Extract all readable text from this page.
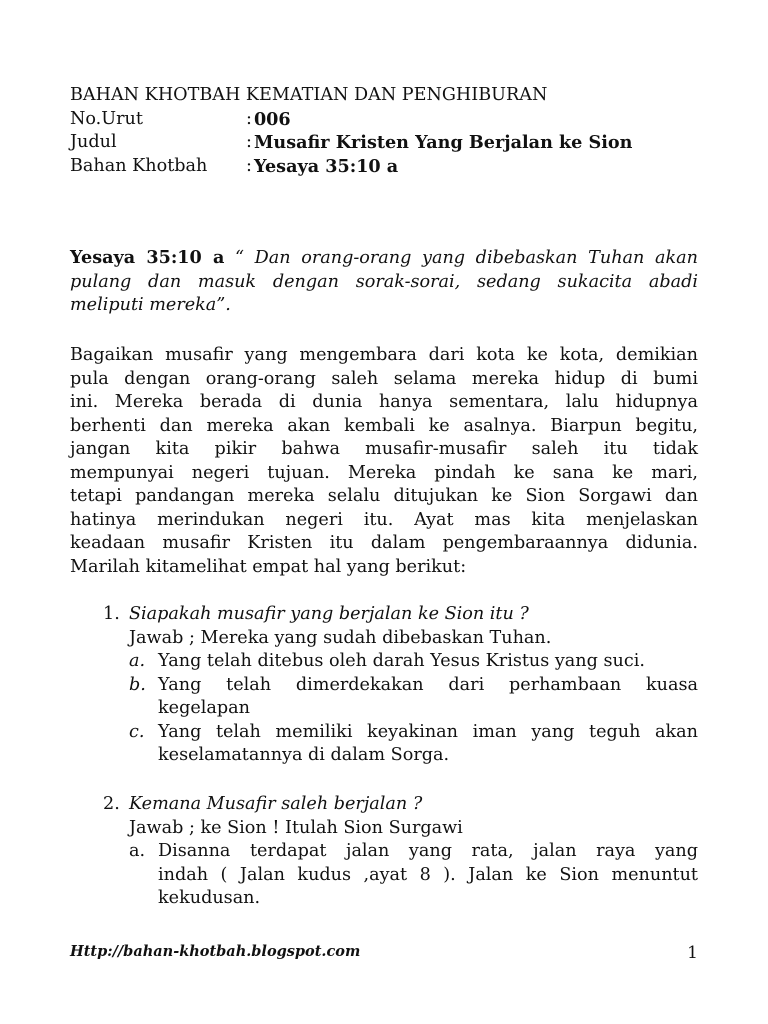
BAHAN KHOTBAH KEMATIAN DAN PENGHIBURAN
No.Urut	: 006
Judul	: Musafir Kristen Yang Berjalan ke Sion
Bahan Khotbah	: Yesaya 35:10 a
Yesaya 35:10 a “ Dan orang-orang yang dibebaskan Tuhan akan pulang dan masuk dengan sorak-sorai, sedang sukacita abadi meliputi mereka”.

Bagaikan musafir yang mengembara dari kota ke kota, demikian
pula dengan orang-orang saleh selama mereka hidup di bumi
ini. Mereka berada di dunia hanya sementara, lalu hidupnya
berhenti dan mereka akan kembali ke asalnya. Biarpun begitu,
jangan kita pikir bahwa musafir-musafir saleh itu tidak
mempunyai negeri tujuan. Mereka pindah ke sana ke mari,
tetapi pandangan mereka selalu ditujukan ke Sion Sorgawi dan
hatinya merindukan negeri itu. Ayat mas kita menjelaskan
keadaan musafir Kristen itu dalam pengembaraannya didunia.
Marilah kitamelihat empat hal yang berikut:

1. Siapakah musafir yang berjalan ke Sion itu ?
Jawab ; Mereka yang sudah dibebaskan Tuhan.
a. Yang telah ditebus oleh darah Yesus Kristus yang suci.
b. Yang telah dimerdekakan dari perhambaan kuasa
kegelapan
c. Yang telah memiliki keyakinan iman yang teguh akan
keselamatannya di dalam Sorga.
2. Kemana Musafir saleh berjalan ?
Jawab ; ke Sion ! Itulah Sion Surgawi
a. Disanna terdapat jalan yang rata, jalan raya yang
indah ( Jalan kudus ,ayat 8 ). Jalan ke Sion menuntut
kekudusan.
Http://bahan-khotbah.blogspot.com	1
